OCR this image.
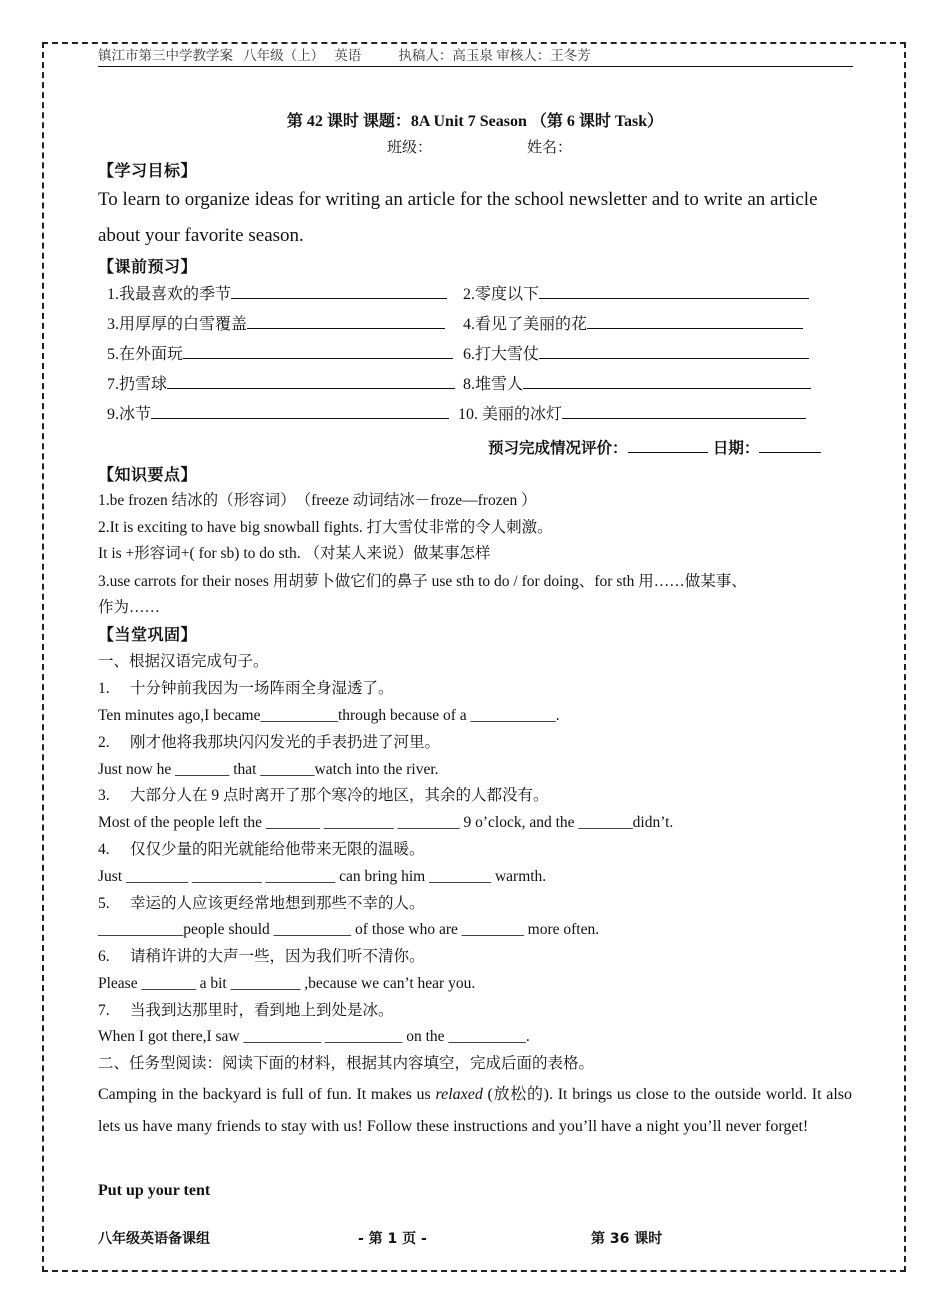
镇江市第三中学教学案 八年级（上） 英语	执稿人：高玉泉 审核人：王冬芳
第 42 课时 课题：8A Unit 7 Season （第 6 课时 Task）
班级：	姓名：
【学习目标】
To learn to organize ideas for writing an article for the school newsletter and to write an article about your favorite season.
【课前预习】
1.我最喜欢的季节	2.零度以下
3.用厚厚的白雪覆盖	4.看见了美丽的花
5.在外面玩	6.打大雪仗
7.扔雪球	8.堆雪人
9.冰节	10. 美丽的冰灯
预习完成情况评价：	日期：
【知识要点】
1.be frozen 结冰的（形容词）　（freeze 动词结冰－froze—frozen ）
2.It is exciting to have big snowball fights. 打大雪仗非常的令人刺激。
It is +形容词+( for sb) to do sth. （对某人来说）做某事怎样
3.use carrots for their noses 用胡萝卜做它们的鼻子 use sth to do / for doing、for sth 用……做某事、
作为……
【当堂巩固】
一、根据汉语完成句子。
1. 十分钟前我因为一场阵雨全身湿透了。
Ten minutes ago,I became__________through because of a ___________.
2. 刚才他将我那块闪闪发光的手表扔进了河里。
Just now he _______ that _______watch into the river.
3. 大部分人在 9 点时离开了那个寒冷的地区，其余的人都没有。
Most of the people left the _______ _________ ________ 9 o’clock, and the _______didn’t.
4. 仅仅少量的阳光就能给他带来无限的温暖。
Just ________ _________ _________ can bring him ________ warmth.
5. 幸运的人应该更经常地想到那些不幸的人。
___________people should __________ of those who are ________ more often.
6. 请稍许讲的大声一些，因为我们听不清你。
Please _______ a bit _________ ,because we can’t hear you.
7. 当我到达那里时，看到地上到处是冰。
When I got there,I saw __________ __________ on the __________.
二、任务型阅读：阅读下面的材料，根据其内容填空，完成后面的表格。
Camping in the backyard is full of fun. It makes us relaxed (放松的). It brings us close to the outside world. It also lets us have many friends to stay with us! Follow these instructions and you’ll have a night you’ll never forget!
Put up your tent
八年级英语备课组	- 第 1 页 -	第 36 课时
